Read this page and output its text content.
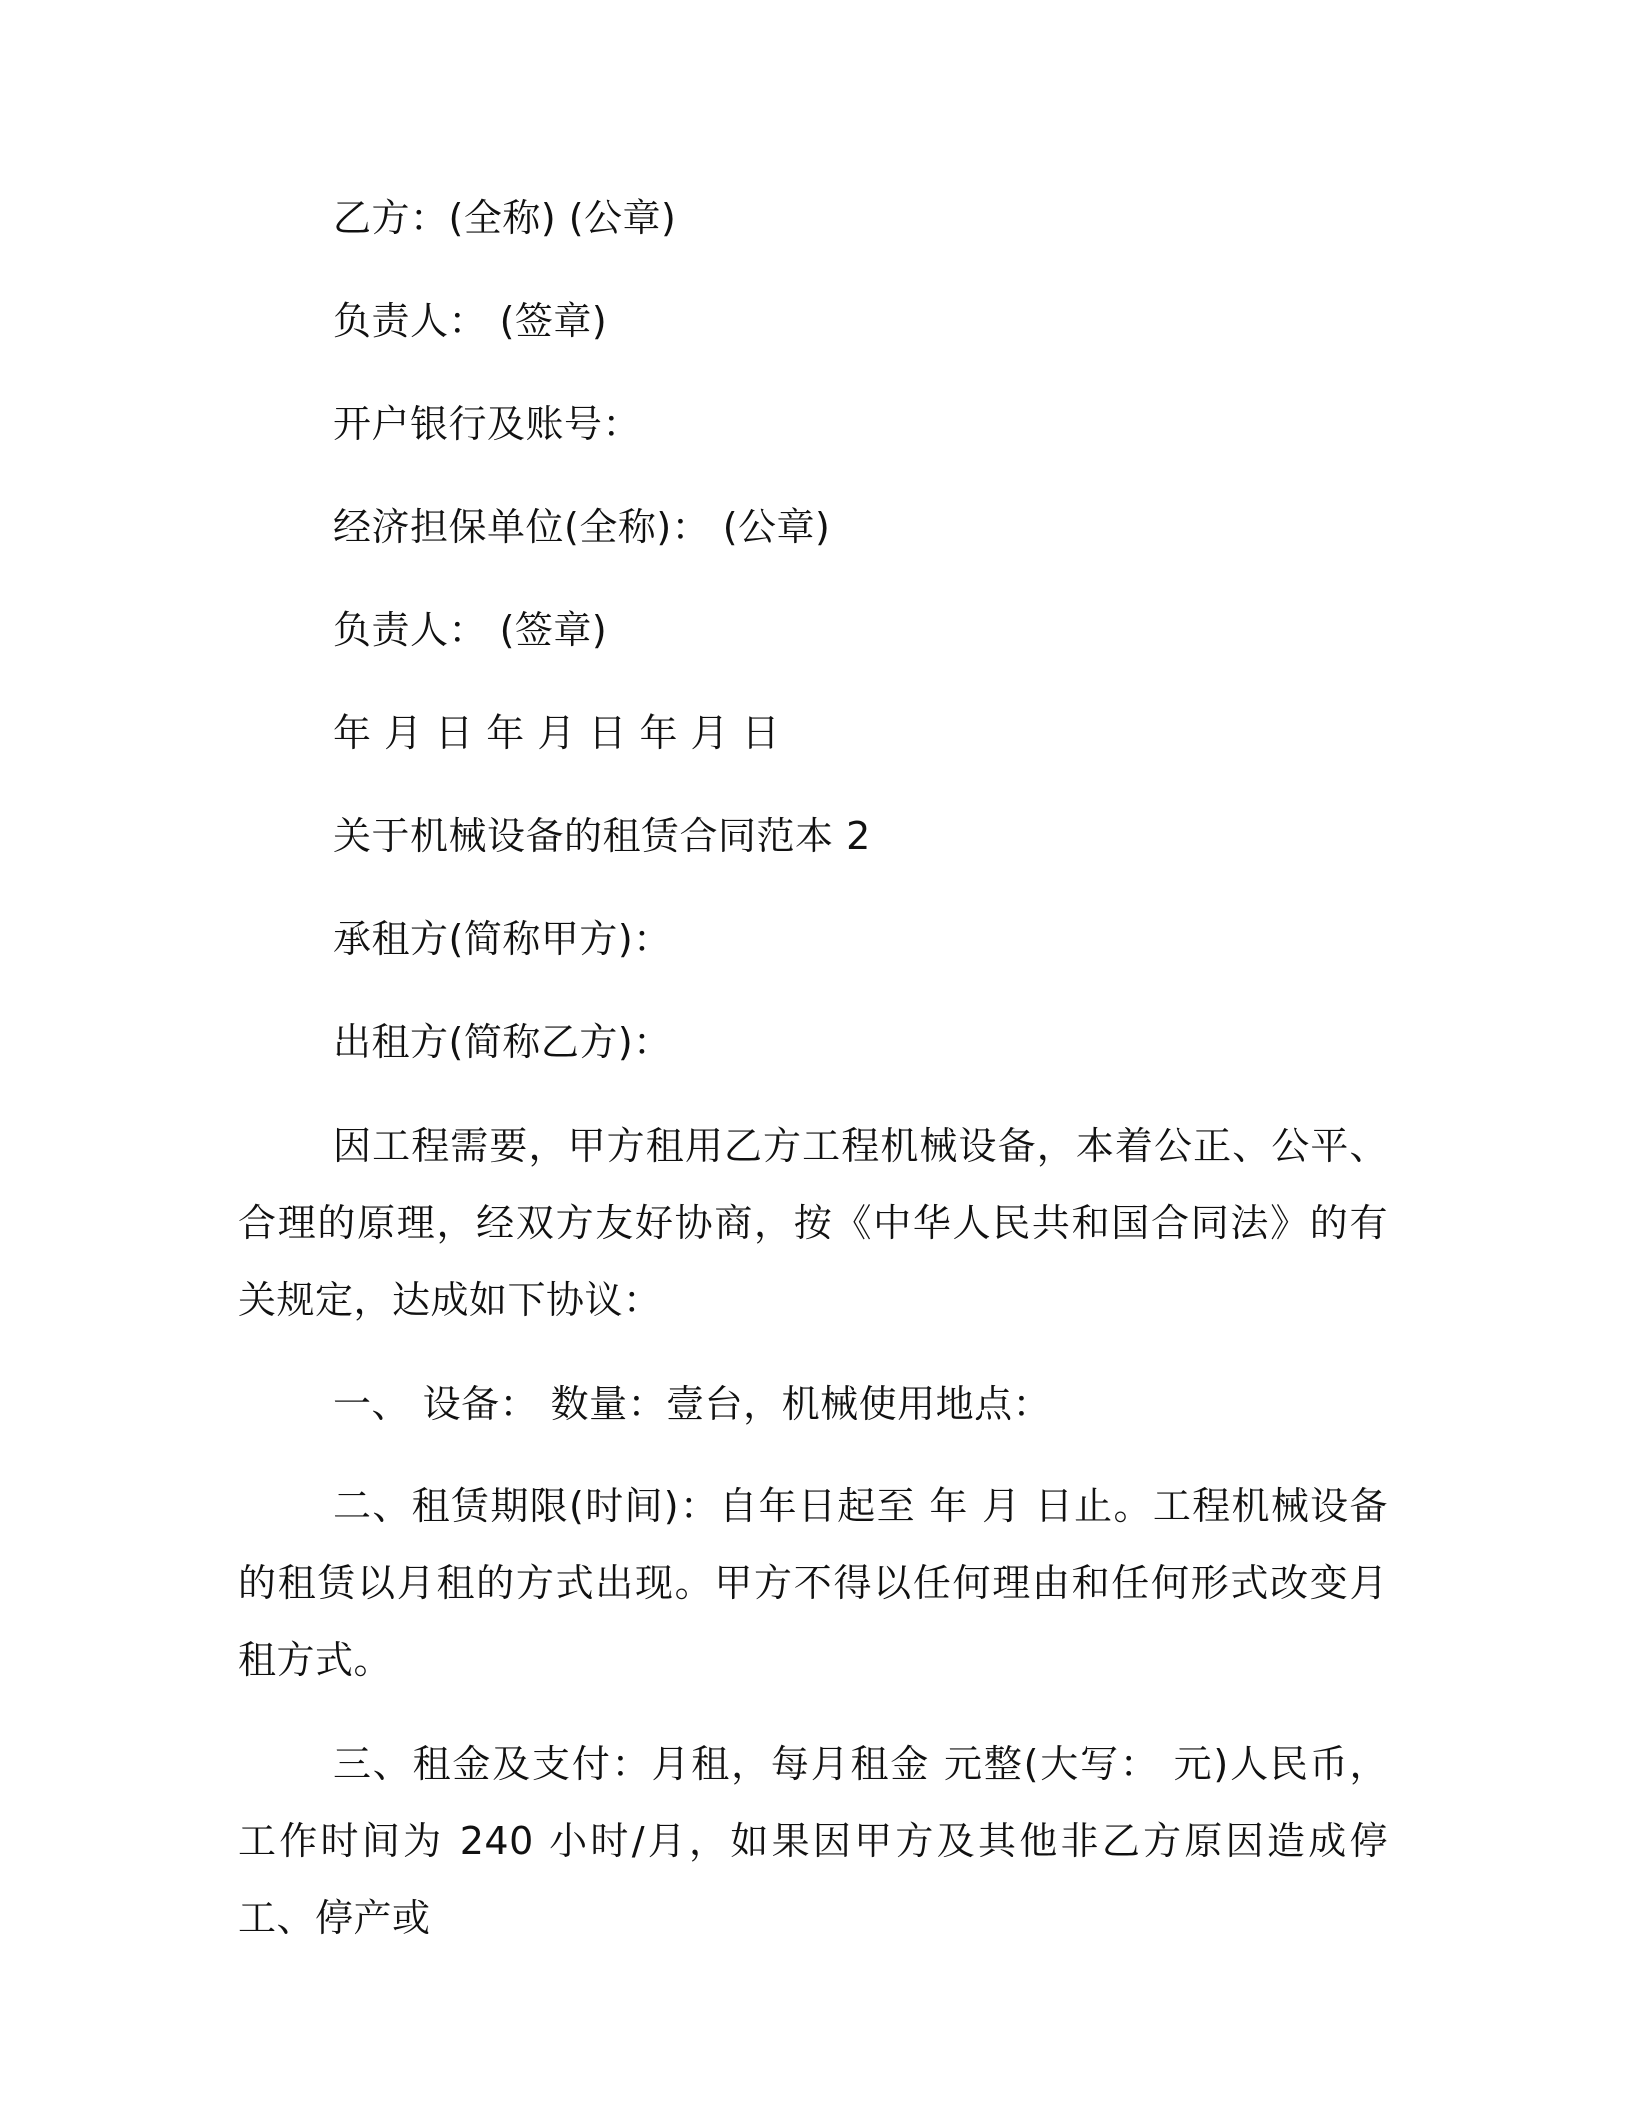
乙方：(全称) (公章)
负责人： (签章)
开户银行及账号：
经济担保单位(全称)： (公章)
负责人： (签章)
年 月 日 年 月 日 年 月 日
关于机械设备的租赁合同范本 2
承租方(简称甲方)：
出租方(简称乙方)：
因工程需要，甲方租用乙方工程机械设备，本着公正、公平、合理的原理，经双方友好协商，按《中华人民共和国合同法》的有关规定，达成如下协议：
一、 设备： 数量：壹台，机械使用地点：
二、租赁期限(时间)：自年日起至 年 月 日止。工程机械设备的租赁以月租的方式出现。甲方不得以任何理由和任何形式改变月租方式。
三、租金及支付：月租，每月租金 元整(大写： 元)人民币，工作时间为 240 小时/月，如果因甲方及其他非乙方原因造成停工、停产或
